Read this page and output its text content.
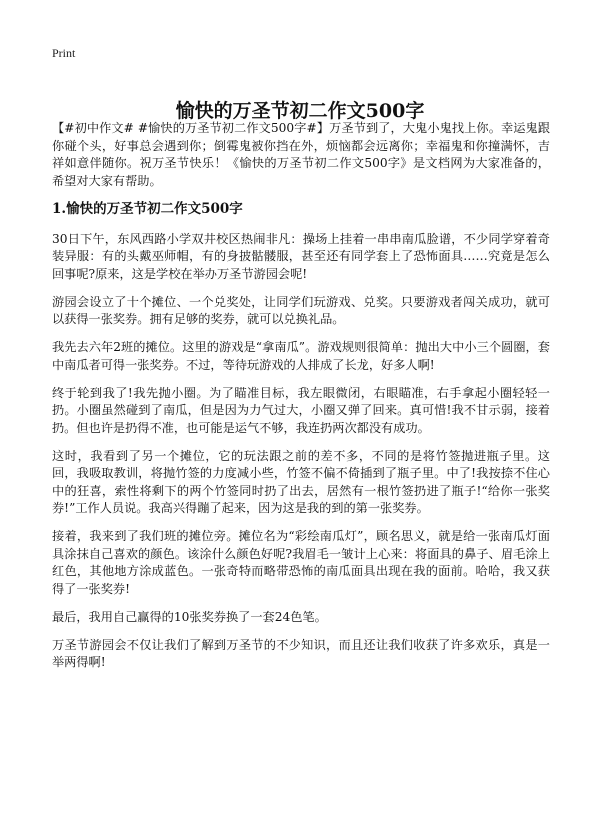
Print
愉快的万圣节初二作文500字

【#初中作文# #愉快的万圣节初二作文500字#】万圣节到了，大鬼小鬼找上你。幸运鬼跟你碰个头，好事总会遇到你；倒霉鬼被你挡在外，烦恼都会远离你；幸福鬼和你撞满怀，吉祥如意伴随你。祝万圣节快乐！《愉快的万圣节初二作文500字》是文档网为大家准备的，希望对大家有帮助。

1.愉快的万圣节初二作文500字

30日下午，东风西路小学双井校区热闹非凡：操场上挂着一串串南瓜脸谱，不少同学穿着奇装异服：有的头戴巫师帽，有的身披骷髅服，甚至还有同学套上了恐怖面具……究竟是怎么回事呢?原来，这是学校在举办万圣节游园会呢!

游园会设立了十个摊位、一个兑奖处，让同学们玩游戏、兑奖。只要游戏者闯关成功，就可以获得一张奖券。拥有足够的奖券，就可以兑换礼品。

我先去六年2班的摊位。这里的游戏是“拿南瓜”。游戏规则很简单：抛出大中小三个圆圈，套中南瓜者可得一张奖券。不过，等待玩游戏的人排成了长龙，好多人啊!

终于轮到我了!我先抛小圈。为了瞄准目标，我左眼微闭，右眼瞄准，右手拿起小圈轻轻一扔。小圈虽然碰到了南瓜，但是因为力气过大，小圈又弹了回来。真可惜!我不甘示弱，接着扔。但也许是扔得不准，也可能是运气不够，我连扔两次都没有成功。

这时，我看到了另一个摊位，它的玩法跟之前的差不多，不同的是将竹签抛进瓶子里。这回，我吸取教训，将抛竹签的力度减小些，竹签不偏不倚插到了瓶子里。中了!我按捺不住心中的狂喜，索性将剩下的两个竹签同时扔了出去，居然有一根竹签扔进了瓶子!“给你一张奖券!”工作人员说。我高兴得蹦了起来，因为这是我的到的第一张奖券。

接着，我来到了我们班的摊位旁。摊位名为“彩绘南瓜灯”，顾名思义，就是给一张南瓜灯面具涂抹自己喜欢的颜色。该涂什么颜色好呢?我眉毛一皱计上心来：将面具的鼻子、眉毛涂上红色，其他地方涂成蓝色。一张奇特而略带恐怖的南瓜面具出现在我的面前。哈哈，我又获得了一张奖券!

最后，我用自己赢得的10张奖券换了一套24色笔。

万圣节游园会不仅让我们了解到万圣节的不少知识，而且还让我们收获了许多欢乐，真是一举两得啊!
